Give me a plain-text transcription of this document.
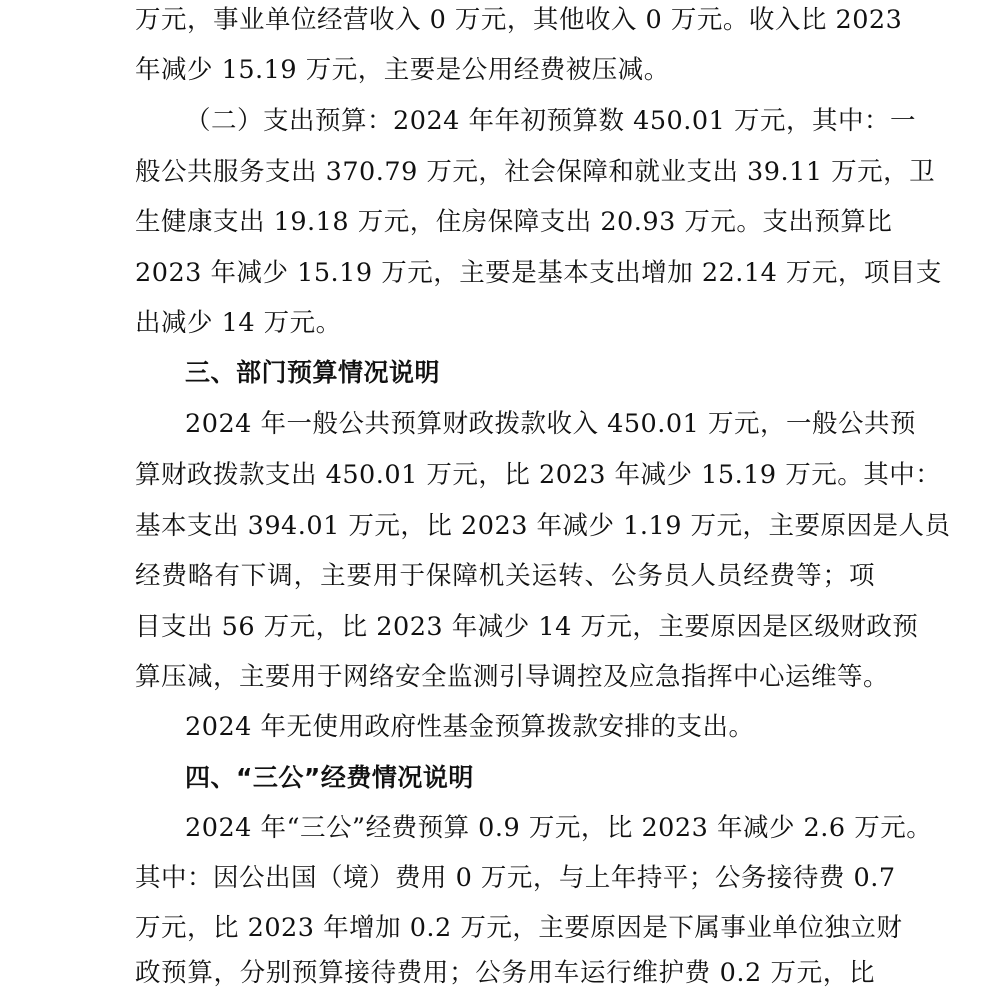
万元，事业单位经营收入 0 万元，其他收入 0 万元。收入比 2023
年减少 15.19 万元，主要是公用经费被压减。
（二）支出预算：2024 年年初预算数 450.01 万元，其中：一
般公共服务支出 370.79 万元，社会保障和就业支出 39.11 万元，卫
生健康支出 19.18 万元，住房保障支出 20.93 万元。支出预算比
2023 年减少 15.19 万元，主要是基本支出增加 22.14 万元，项目支
出减少 14 万元。
三、部门预算情况说明
2024 年一般公共预算财政拨款收入 450.01 万元，一般公共预
算财政拨款支出 450.01 万元，比 2023 年减少 15.19 万元。其中：
基本支出 394.01 万元，比 2023 年减少 1.19 万元，主要原因是人员
经费略有下调，主要用于保障机关运转、公务员人员经费等；项
目支出 56 万元，比 2023 年减少 14 万元，主要原因是区级财政预
算压减，主要用于网络安全监测引导调控及应急指挥中心运维等。
2024 年无使用政府性基金预算拨款安排的支出。
四、“三公”经费情况说明
2024 年“三公”经费预算 0.9 万元，比 2023 年减少 2.6 万元。
其中：因公出国（境）费用 0 万元，与上年持平；公务接待费 0.7
万元，比 2023 年增加 0.2 万元，主要原因是下属事业单位独立财
政预算，分别预算接待费用；公务用车运行维护费 0.2 万元，比
